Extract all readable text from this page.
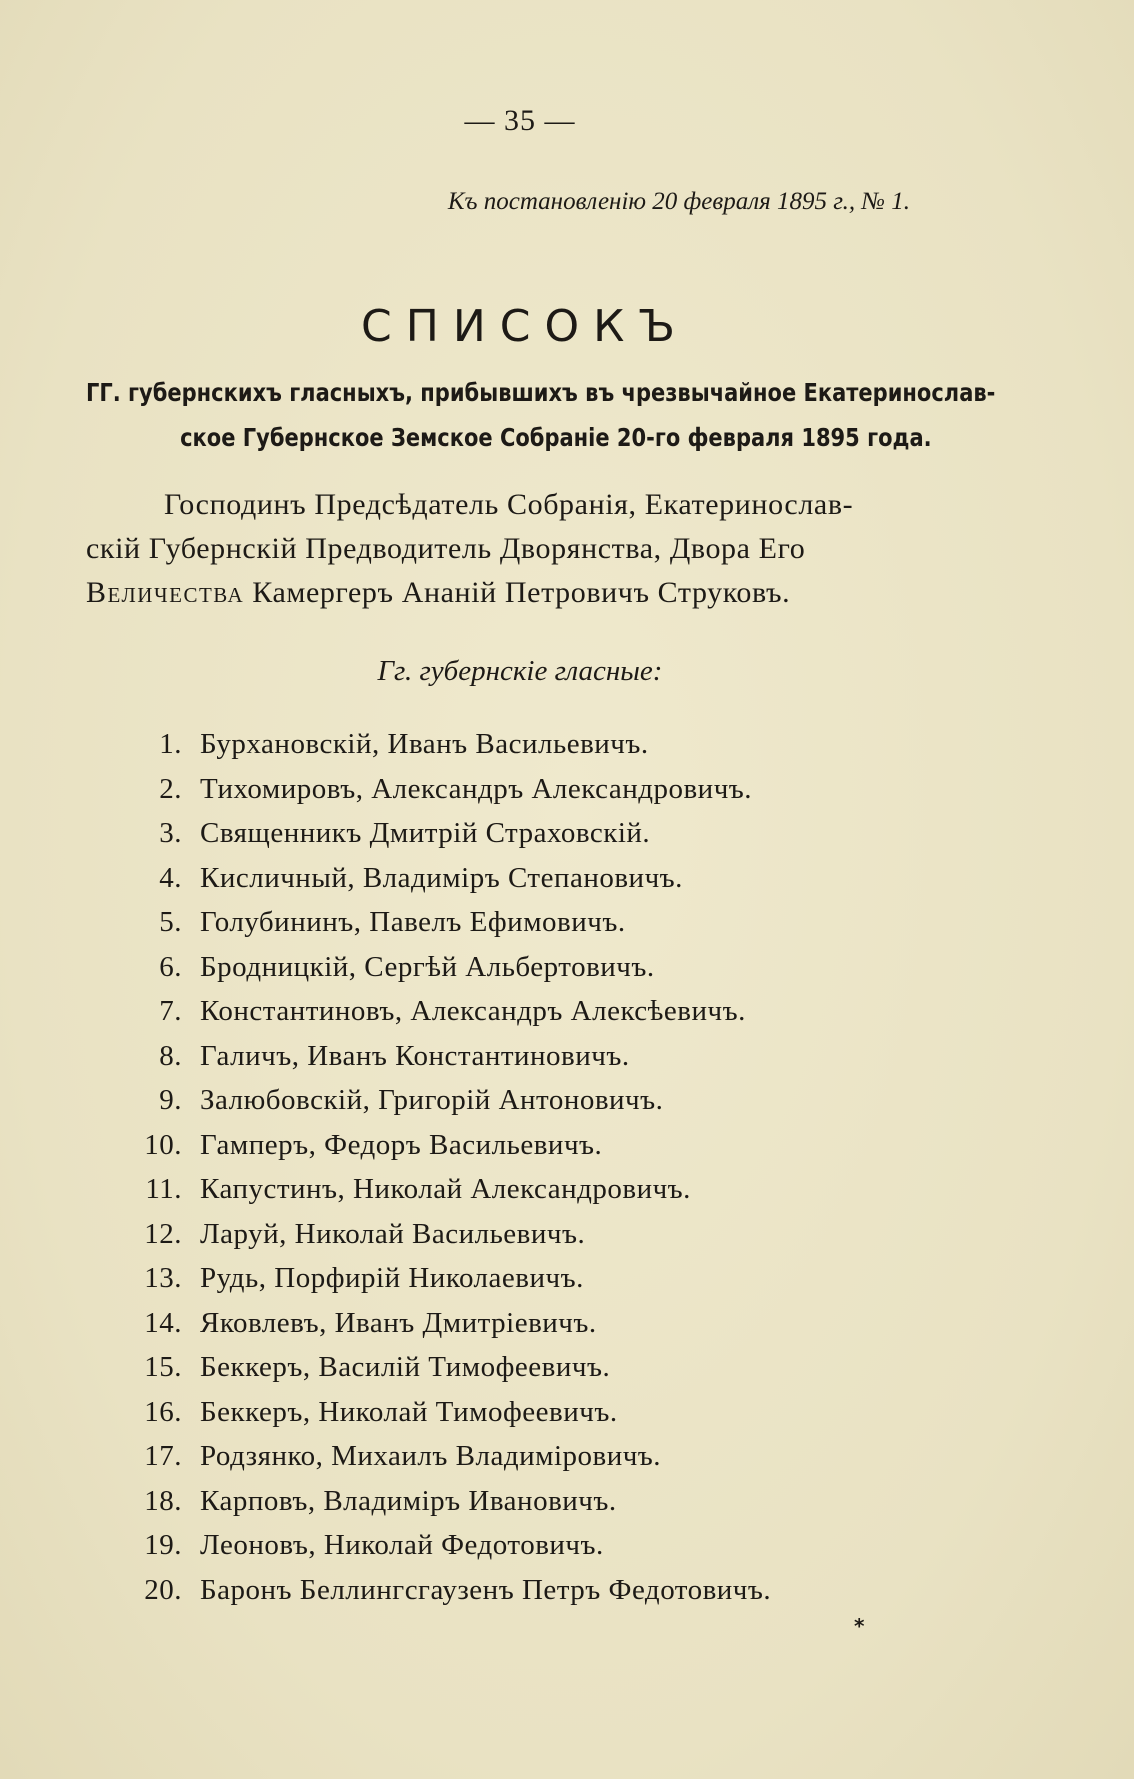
— 35 —
Къ постановленію 20 февраля 1895 г., № 1.
СПИСОКЪ
ГГ. губернскихъ гласныхъ, прибывшихъ въ чрезвычайное Екатеринослав-
ское Губернское Земское Собраніе 20-го февраля 1895 года.
Господинъ Предсѣдатель Собранія, Екатеринослав-
скій Губернскій Предводитель Дворянства, Двора Его
Величества Камергеръ Ананій Петровичъ Струковъ.
Гг. губернскіе гласные:
1. Бурхановскій, Иванъ Васильевичъ.
2. Тихомировъ, Александръ Александровичъ.
3. Священникъ Дмитрій Страховскій.
4. Кисличный, Владиміръ Степановичъ.
5. Голубининъ, Павелъ Ефимовичъ.
6. Бродницкій, Сергѣй Альбертовичъ.
7. Константиновъ, Александръ Алексѣевичъ.
8. Галичъ, Иванъ Константиновичъ.
9. Залюбовскій, Григорій Антоновичъ.
10. Гамперъ, Федоръ Васильевичъ.
11. Капустинъ, Николай Александровичъ.
12. Ларуй, Николай Васильевичъ.
13. Рудь, Порфирій Николаевичъ.
14. Яковлевъ, Иванъ Дмитріевичъ.
15. Беккеръ, Василій Тимофеевичъ.
16. Беккеръ, Николай Тимофеевичъ.
17. Родзянко, Михаилъ Владиміровичъ.
18. Карповъ, Владиміръ Ивановичъ.
19. Леоновъ, Николай Федотовичъ.
20. Баронъ Беллингсгаузенъ Петръ Федотовичъ.
*
